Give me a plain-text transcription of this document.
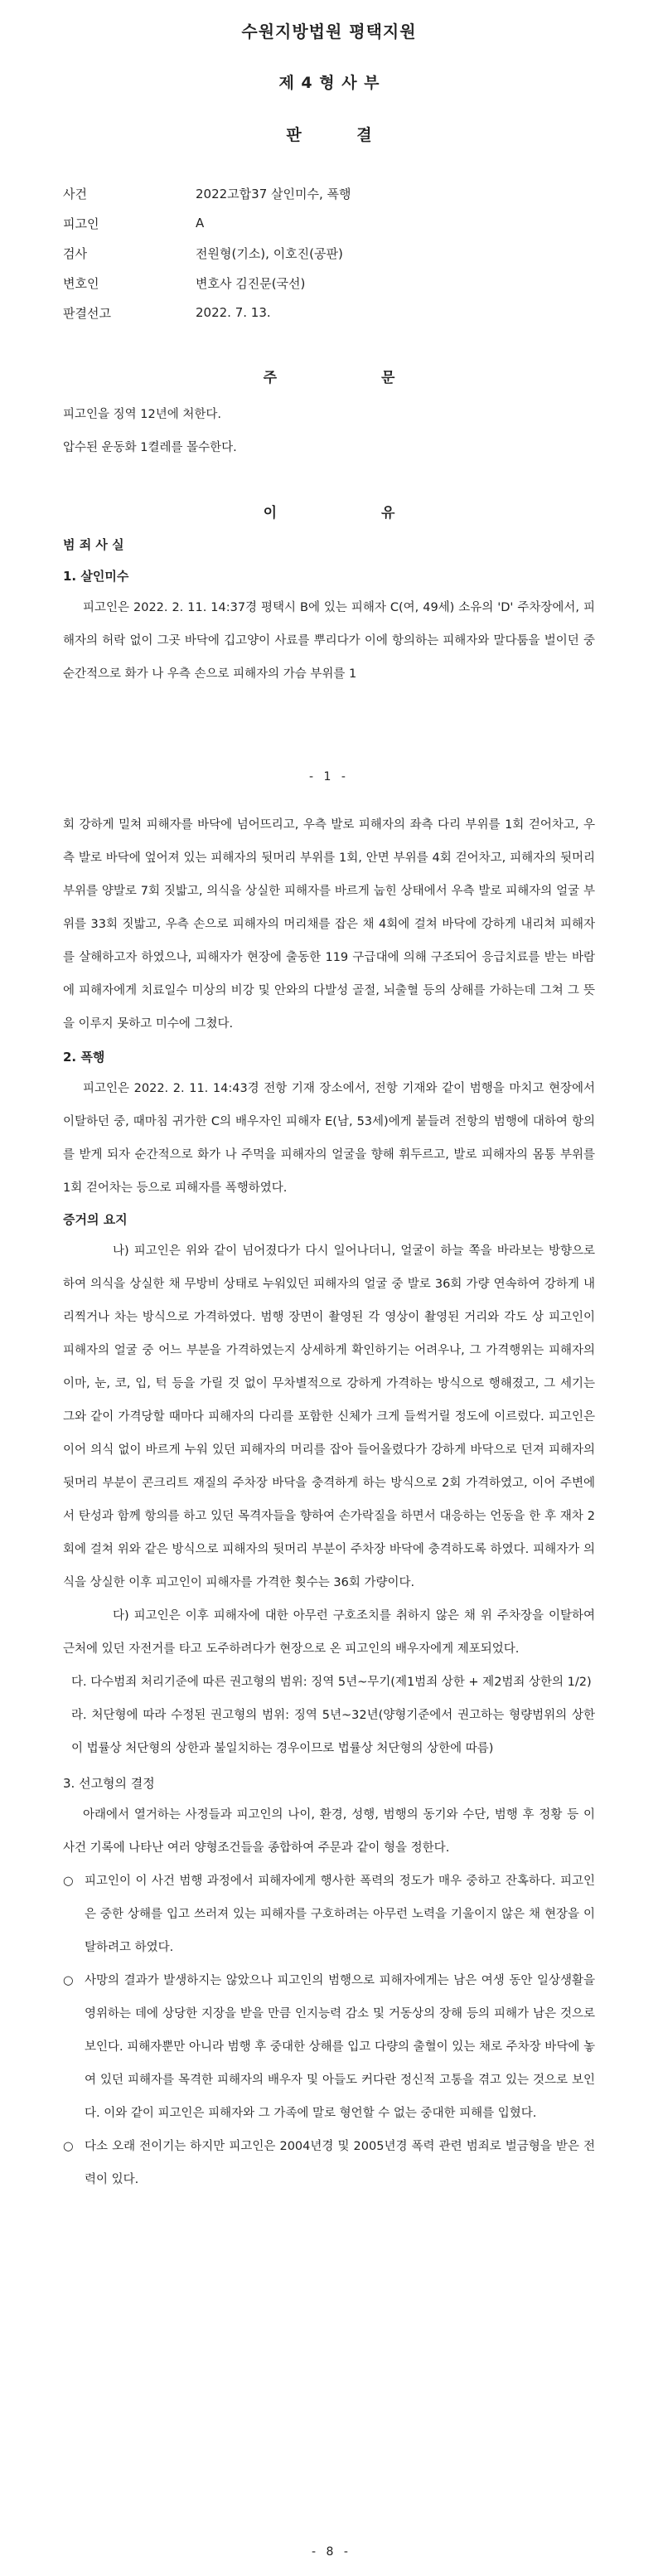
수원지방법원 평택지원
제 4 형 사 부
판 결
사건	2022고합37 살인미수, 폭행
피고인	A
검사	전원형(기소), 이호진(공판)
변호인	변호사 김진문(국선)
판결선고	2022. 7. 13.
주 문
피고인을 징역 12년에 처한다.
압수된 운동화 1켤레를 몰수한다.
이 유
범 죄 사 실
1. 살인미수
피고인은 2022. 2. 11. 14:37경 평택시 B에 있는 피해자 C(여, 49세) 소유의 'D' 주차장에서, 피해자의 허락 없이 그곳 바닥에 깁고양이 사료를 뿌리다가 이에 항의하는 피해자와 말다툼을 벌이던 중 순간적으로 화가 나 우측 손으로 피해자의 가슴 부위를 1
- 1 -
회 강하게 밀쳐 피해자를 바닥에 넘어뜨리고, 우측 발로 피해자의 좌측 다리 부위를 1회 걷어차고, 우측 발로 바닥에 엎어져 있는 피해자의 뒷머리 부위를 1회, 안면 부위를 4회 걷어차고, 피해자의 뒷머리 부위를 양발로 7회 짓밟고, 의식을 상실한 피해자를 바르게 눕힌 상태에서 우측 발로 피해자의 얼굴 부위를 33회 짓밟고, 우측 손으로 피해자의 머리채를 잡은 채 4회에 걸쳐 바닥에 강하게 내리쳐 피해자를 살해하고자 하였으나, 피해자가 현장에 출동한 119 구급대에 의해 구조되어 응급치료를 받는 바람에 피해자에게 치료일수 미상의 비강 및 안와의 다발성 골절, 뇌출혈 등의 상해를 가하는데 그쳐 그 뜻을 이루지 못하고 미수에 그쳤다.
2. 폭행
피고인은 2022. 2. 11. 14:43경 전항 기재 장소에서, 전항 기재와 같이 범행을 마치고 현장에서 이탈하던 중, 때마침 귀가한 C의 배우자인 피해자 E(남, 53세)에게 붙들려 전항의 범행에 대하여 항의를 받게 되자 순간적으로 화가 나 주먹을 피해자의 얼굴을 향해 휘두르고, 발로 피해자의 몸통 부위를 1회 걷어차는 등으로 피해자를 폭행하였다.
증거의 요지
나) 피고인은 위와 같이 넘어졌다가 다시 일어나더니, 얼굴이 하늘 쪽을 바라보는 방향으로 하여 의식을 상실한 채 무방비 상태로 누워있던 피해자의 얼굴 중 발로 36회 가량 연속하여 강하게 내리찍거나 차는 방식으로 가격하였다. 범행 장면이 촬영된 각 영상이 촬영된 거리와 각도 상 피고인이 피해자의 얼굴 중 어느 부분을 가격하였는지 상세하게 확인하기는 어려우나, 그 가격행위는 피해자의 이마, 눈, 코, 입, 턱 등을 가릴 것 없이 무차별적으로 강하게 가격하는 방식으로 행해졌고, 그 세기는 그와 같이 가격당할 때마다 피해자의 다리를 포함한 신체가 크게 들썩거릴 정도에 이르렀다. 피고인은 이어 의식 없이 바르게 누워 있던 피해자의 머리를 잡아 들어올렸다가 강하게 바닥으로 던져 피해자의 뒷머리 부분이 콘크리트 재질의 주차장 바닥을 충격하게 하는 방식으로 2회 가격하였고, 이어 주변에서 탄성과 함께 항의를 하고 있던 목격자들을 향하여 손가락질을 하면서 대응하는 언동을 한 후 재차 2회에 걸쳐 위와 같은 방식으로 피해자의 뒷머리 부분이 주차장 바닥에 충격하도록 하였다. 피해자가 의식을 상실한 이후 피고인이 피해자를 가격한 횟수는 36회 가량이다.
다) 피고인은 이후 피해자에 대한 아무런 구호조치를 취하지 않은 채 위 주차장을 이탈하여 근처에 있던 자전거를 타고 도주하려다가 현장으로 온 피고인의 배우자에게 제포되었다.
다. 다수범죄 처리기준에 따른 권고형의 범위: 징역 5년~무기(제1범죄 상한 + 제2범죄 상한의 1/2)
라. 처단형에 따라 수정된 권고형의 범위: 징역 5년~32년(양형기준에서 권고하는 형량범위의 상한이 법률상 처단형의 상한과 불일치하는 경우이므로 법률상 처단형의 상한에 따름)
3. 선고형의 결정
아래에서 열거하는 사정들과 피고인의 나이, 환경, 성행, 범행의 동기와 수단, 범행 후 정황 등 이 사건 기록에 나타난 여러 양형조건들을 종합하여 주문과 같이 형을 정한다.
○ 피고인이 이 사건 범행 과정에서 피해자에게 행사한 폭력의 정도가 매우 중하고 잔혹하다. 피고인은 중한 상해를 입고 쓰러져 있는 피해자를 구호하려는 아무런 노력을 기울이지 않은 채 현장을 이탈하려고 하였다.
○ 사망의 결과가 발생하지는 않았으나 피고인의 범행으로 피해자에게는 남은 여생 동안 일상생활을 영위하는 데에 상당한 지장을 받을 만큼 인지능력 감소 및 거동상의 장해 등의 피해가 남은 것으로 보인다. 피해자뿐만 아니라 범행 후 중대한 상해를 입고 다량의 출혈이 있는 채로 주차장 바닥에 놓여 있던 피해자를 목격한 피해자의 배우자 및 아들도 커다란 정신적 고통을 겪고 있는 것으로 보인다. 이와 같이 피고인은 피해자와 그 가족에 말로 형언할 수 없는 중대한 피해를 입혔다.
○ 다소 오래 전이기는 하지만 피고인은 2004년경 및 2005년경 폭력 관련 범죄로 벌금형을 받은 전력이 있다.
- 8 -
